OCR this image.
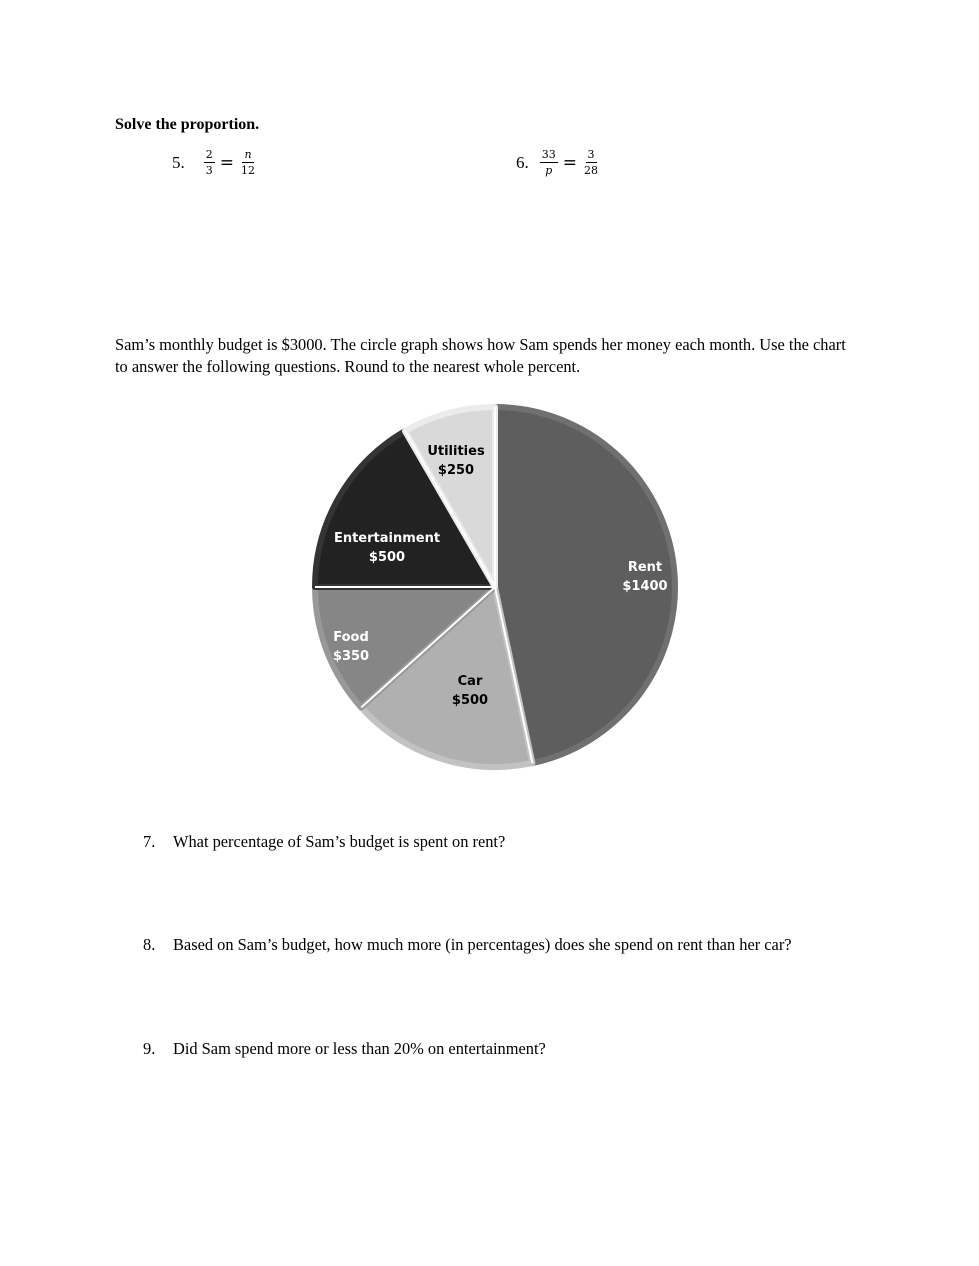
Solve the proportion.
5. $\frac{2}{3} = \frac{n}{12}$	6. $\frac{33}{p} = \frac{3}{28}$
Sam’s monthly budget is $3000. The circle graph shows how Sam spends her money each month. Use the chart to answer the following questions. Round to the nearest whole percent.
Rent $1400
Car $500
Food $350
Entertainment $500
Utilities $250
7.	What percentage of Sam’s budget is spent on rent?
8.	Based on Sam’s budget, how much more (in percentages) does she spend on rent than her car?
9.	Did Sam spend more or less than 20% on entertainment?
